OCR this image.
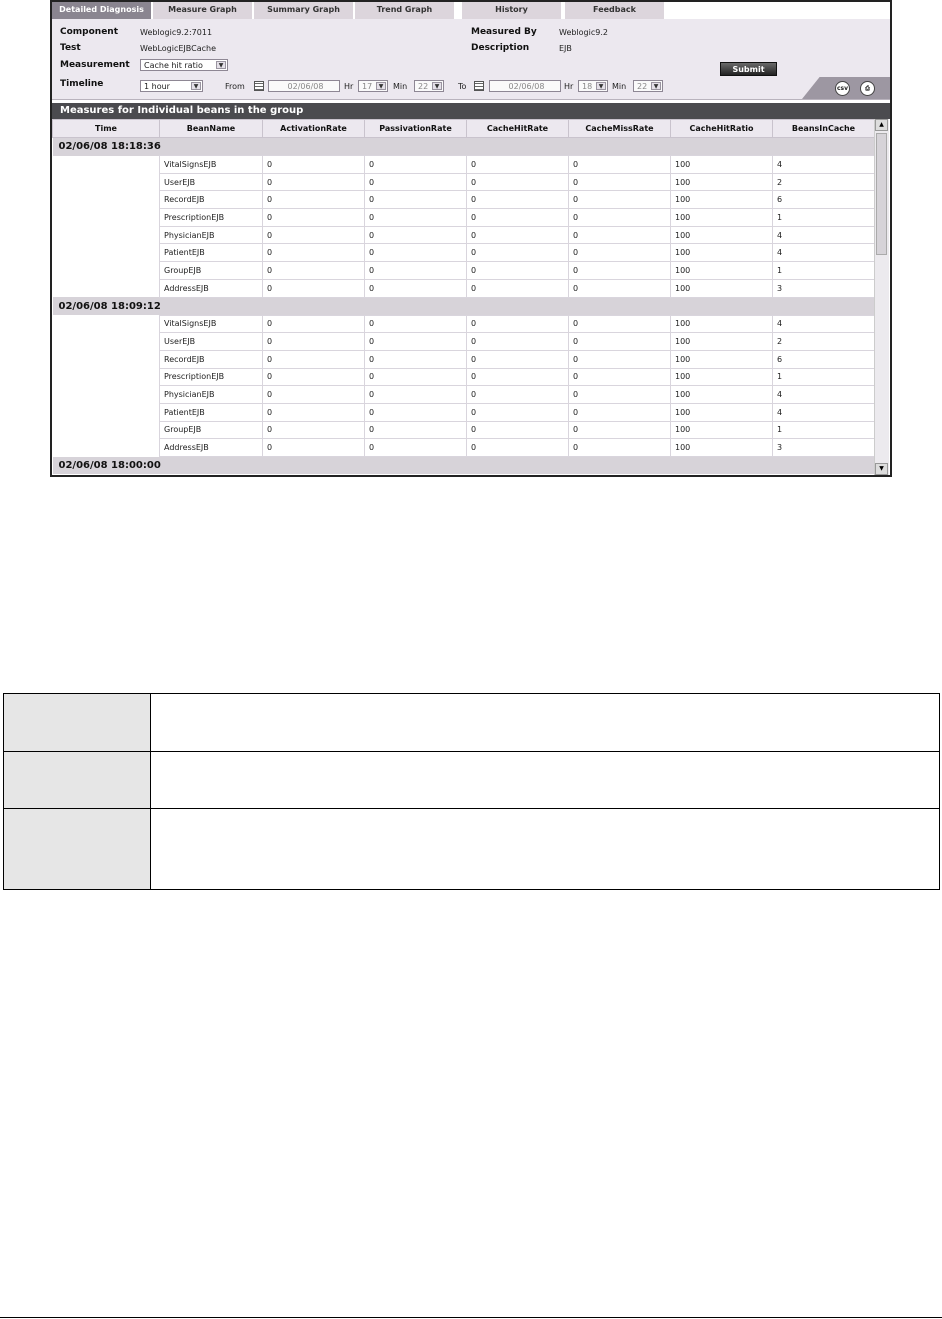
Detailed Diagnosis	Measure Graph	Summary Graph	Trend Graph	History	Feedback
Component	Weblogic9.2:7011
Test	WebLogicEJBCache
Measurement	Cache hit ratio	▼
Measured By	Weblogic9.2
Description	EJB
Timeline	1 hour	▼	From	02/06/08	Hr	17	▼	Min	22	▼	To	02/06/08	Hr	18	▼	Min	22	▼
Submit
csv	⎙
Measures for Individual beans in the group
Time	BeanName	ActivationRate	PassivationRate	CacheHitRate	CacheMissRate	CacheHitRatio	BeansInCache
02/06/08 18:18:36							
	VitalSignsEJB	0	0	0	0	100	4
	UserEJB	0	0	0	0	100	2
	RecordEJB	0	0	0	0	100	6
	PrescriptionEJB	0	0	0	0	100	1
	PhysicianEJB	0	0	0	0	100	4
	PatientEJB	0	0	0	0	100	4
	GroupEJB	0	0	0	0	100	1
	AddressEJB	0	0	0	0	100	3
02/06/08 18:09:12							
	VitalSignsEJB	0	0	0	0	100	4
	UserEJB	0	0	0	0	100	2
	RecordEJB	0	0	0	0	100	6
	PrescriptionEJB	0	0	0	0	100	1
	PhysicianEJB	0	0	0	0	100	4
	PatientEJB	0	0	0	0	100	4
	GroupEJB	0	0	0	0	100	1
	AddressEJB	0	0	0	0	100	3
02/06/08 18:00:00							
▲
▼
